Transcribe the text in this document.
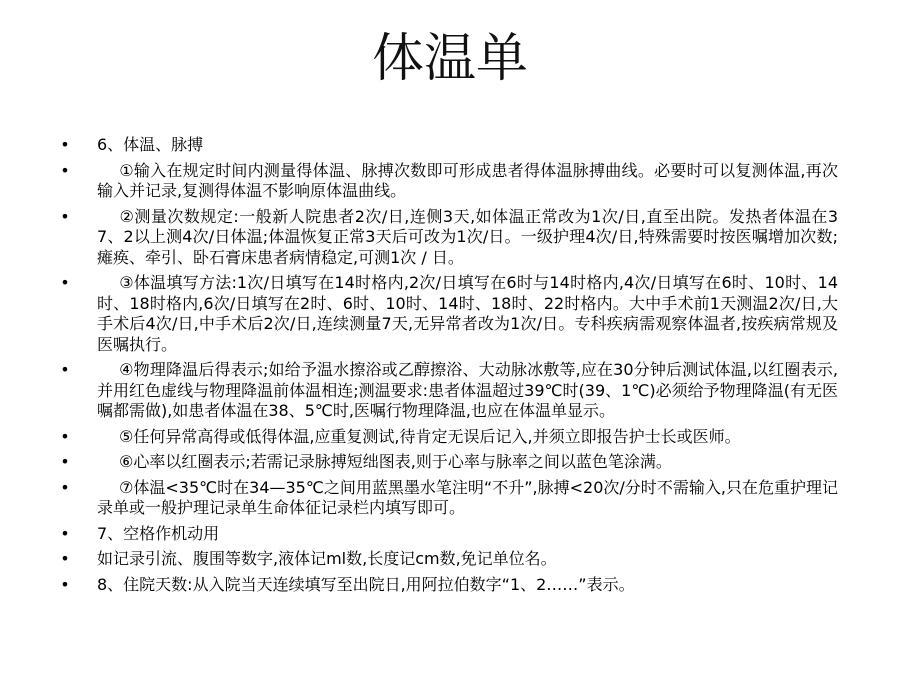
体温单
• 6、体温、脉搏
•	①输入在规定时间内测量得体温、脉搏次数即可形成患者得体温脉搏曲线。必要时可以复测体温,再次输入并记录,复测得体温不影响原体温曲线。
•	②测量次数规定:一般新人院患者2次/日,连侧3天,如体温正常改为1次/日,直至出院。发热者体温在3 7、2以上测4次/日体温;体温恢复正常3天后可改为1次/日。一级护理4次/日,特殊需要时按医嘱增加次数;瘫痪、牵引、卧石膏床患者病情稳定,可测1次 / 日。
•	③体温填写方法:1次/日填写在14时格内,2次/日填写在6时与14时格内,4次/日填写在6时、10时、14时、18时格内,6次/日填写在2时、6时、10时、14时、18时、22时格内。大中手术前1天测温2次/日,大手术后4次/日,中手术后2次/日,连续测量7天,无异常者改为1次/日。专科疾病需观察体温者,按疾病常规及医嘱执行。
•	④物理降温后得表示;如给予温水擦浴或乙醇擦浴、大动脉冰敷等,应在30分钟后测试体温,以红圈表示,并用红色虚线与物理降温前体温相连;测温要求:患者体温超过39℃时(39、1℃)必须给予物理降温(有无医嘱都需做),如患者体温在38、5℃时,医嘱行物理降温,也应在体温单显示。
•	⑤任何异常高得或低得体温,应重复测试,待肯定无误后记入,并须立即报告护士长或医师。
•	⑥心率以红圈表示;若需记录脉搏短绌图表,则于心率与脉率之间以蓝色笔涂满。
•	⑦体温<35℃时在34—35℃之间用蓝黑墨水笔注明“不升”,脉搏<20次/分时不需输入,只在危重护理记录单或一般护理记录单生命体征记录栏内填写即可。
• 7、空格作机动用
• 如记录引流、腹围等数字,液体记ml数,长度记cm数,免记单位名。
• 8、住院天数:从入院当天连续填写至出院日,用阿拉伯数字“1、2……”表示。
